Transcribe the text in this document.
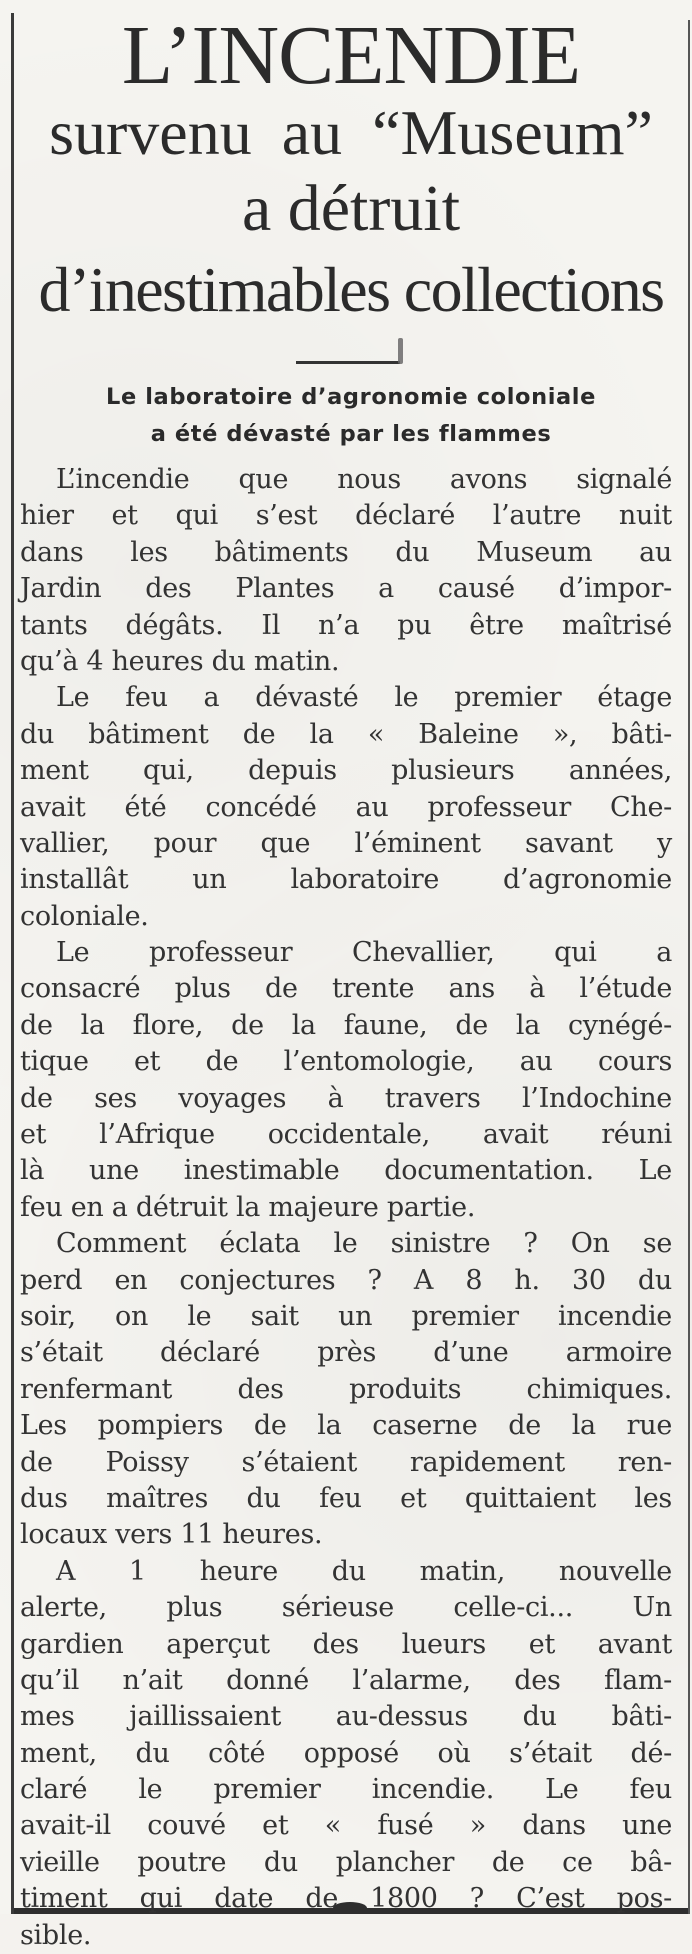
L’INCENDIE
survenu au “Museum”
a détruit
d’inestimables collections
Le laboratoire d’agronomie coloniale
a été dévasté par les flammes
L’incendie que nous avons signalé
hier et qui s’est déclaré l’autre nuit
dans les bâtiments du Museum au
Jardin des Plantes a causé d’impor-
tants dégâts. Il n’a pu être maîtrisé
qu’à 4 heures du matin.
Le feu a dévasté le premier étage
du bâtiment de la « Baleine », bâti-
ment qui, depuis plusieurs années,
avait été concédé au professeur Che-
vallier, pour que l’éminent savant y
installât un laboratoire d’agronomie
coloniale.
Le professeur Chevallier, qui a
consacré plus de trente ans à l’étude
de la flore, de la faune, de la cynégé-
tique et de l’entomologie, au cours
de ses voyages à travers l’Indochine
et l’Afrique occidentale, avait réuni
là une inestimable documentation. Le
feu en a détruit la majeure partie.
Comment éclata le sinistre ? On se
perd en conjectures ? A 8 h. 30 du
soir, on le sait un premier incendie
s’était déclaré près d’une armoire
renfermant des produits chimiques.
Les pompiers de la caserne de la rue
de Poissy s’étaient rapidement ren-
dus maîtres du feu et quittaient les
locaux vers 11 heures.
A 1 heure du matin, nouvelle
alerte, plus sérieuse celle-ci... Un
gardien aperçut des lueurs et avant
qu’il n’ait donné l’alarme, des flam-
mes jaillissaient au-dessus du bâti-
ment, du côté opposé où s’était dé-
claré le premier incendie. Le feu
avait-il couvé et « fusé » dans une
vieille poutre du plancher de ce bâ-
timent qui date de 1800 ? C’est pos-
sible.
